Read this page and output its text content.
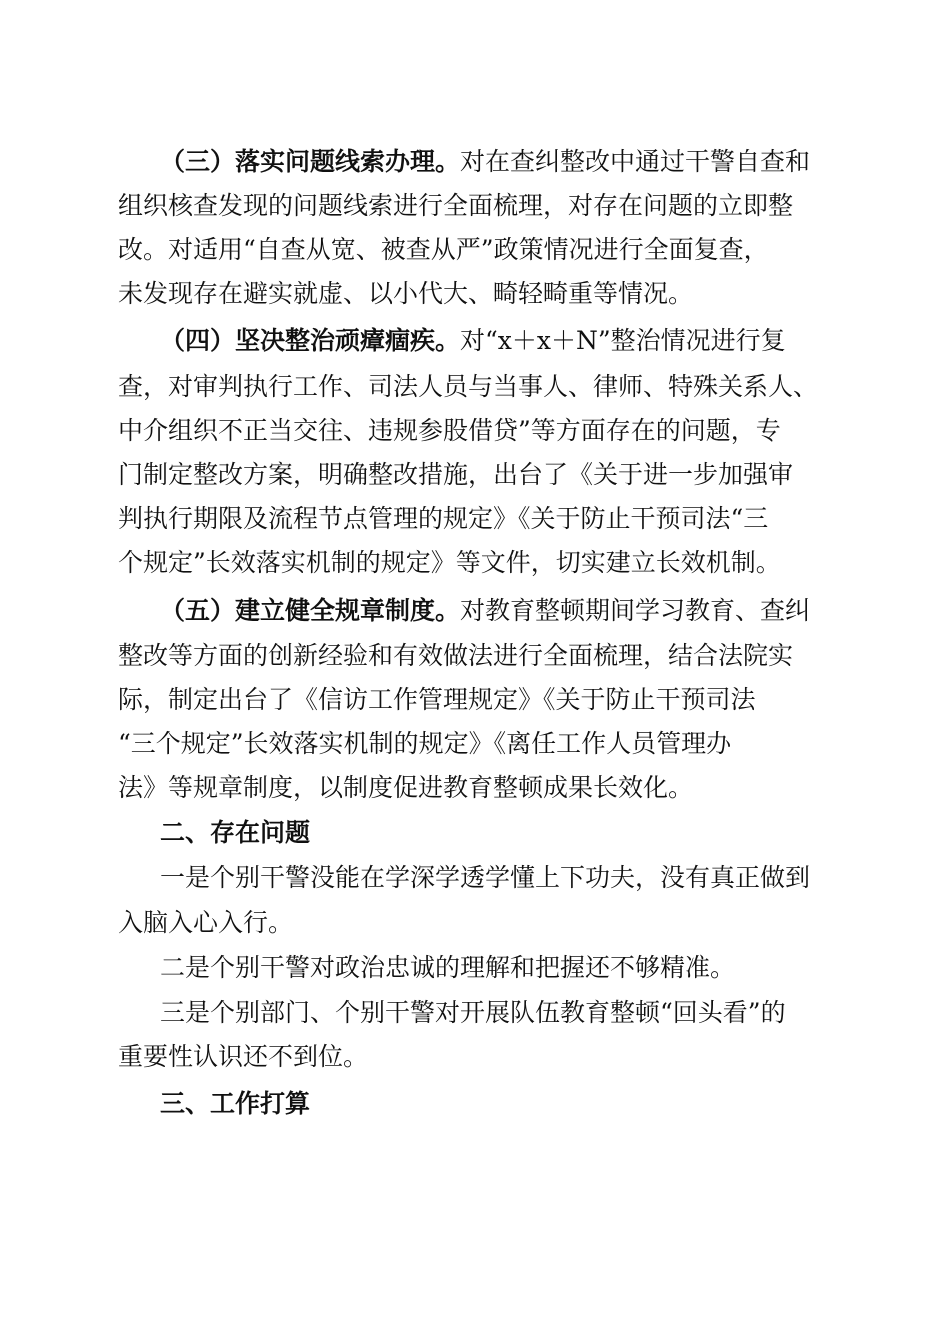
（三）落实问题线索办理。对在查纠整改中通过干警自查和
组织核查发现的问题线索进行全面梳理，对存在问题的立即整
改。对适用“自查从宽、被查从严”政策情况进行全面复查，
未发现存在避实就虚、以小代大、畸轻畸重等情况。
（四）坚决整治顽瘴痼疾。对“x＋x＋N”整治情况进行复
查，对审判执行工作、司法人员与当事人、律师、特殊关系人、
中介组织不正当交往、违规参股借贷”等方面存在的问题，专
门制定整改方案，明确整改措施，出台了《关于进一步加强审
判执行期限及流程节点管理的规定》《关于防止干预司法“三
个规定”长效落实机制的规定》等文件，切实建立长效机制。
（五）建立健全规章制度。对教育整顿期间学习教育、查纠
整改等方面的创新经验和有效做法进行全面梳理，结合法院实
际，制定出台了《信访工作管理规定》《关于防止干预司法
“三个规定”长效落实机制的规定》《离任工作人员管理办
法》等规章制度，以制度促进教育整顿成果长效化。
二、存在问题
一是个别干警没能在学深学透学懂上下功夫，没有真正做到
入脑入心入行。
二是个别干警对政治忠诚的理解和把握还不够精准。
三是个别部门、个别干警对开展队伍教育整顿“回头看”的
重要性认识还不到位。
三、工作打算
